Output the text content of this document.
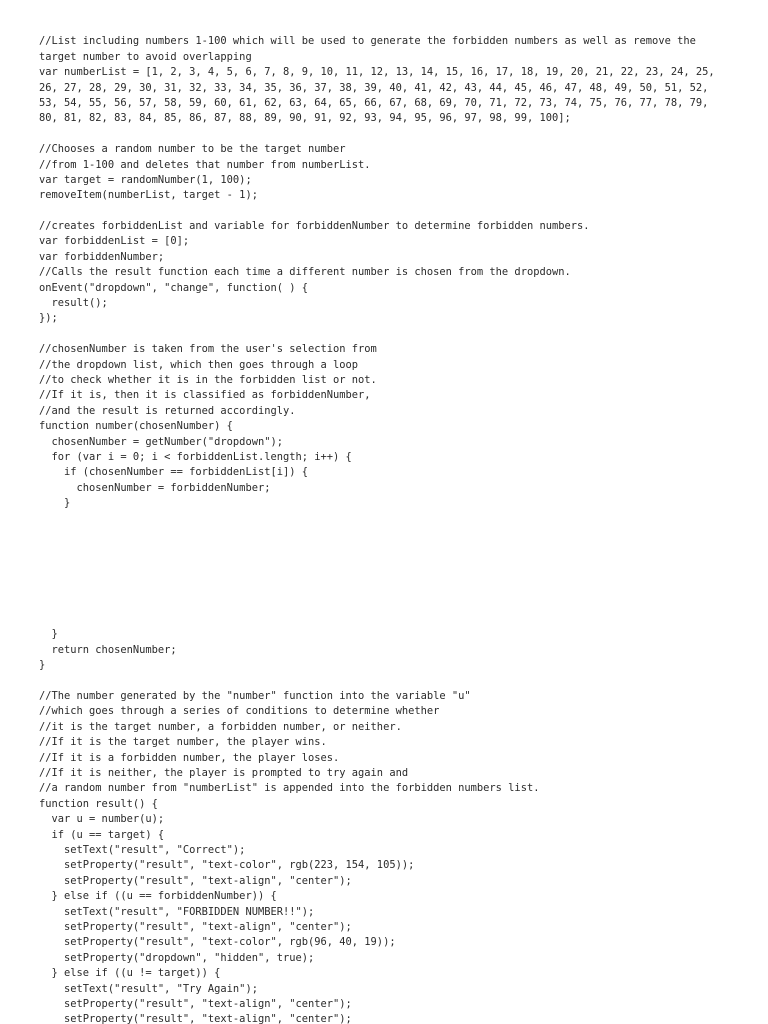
//List including numbers 1-100 which will be used to generate the forbidden numbers as well as remove the
target number to avoid overlapping
var numberList = [1, 2, 3, 4, 5, 6, 7, 8, 9, 10, 11, 12, 13, 14, 15, 16, 17, 18, 19, 20, 21, 22, 23, 24, 25,
26, 27, 28, 29, 30, 31, 32, 33, 34, 35, 36, 37, 38, 39, 40, 41, 42, 43, 44, 45, 46, 47, 48, 49, 50, 51, 52,
53, 54, 55, 56, 57, 58, 59, 60, 61, 62, 63, 64, 65, 66, 67, 68, 69, 70, 71, 72, 73, 74, 75, 76, 77, 78, 79,
80, 81, 82, 83, 84, 85, 86, 87, 88, 89, 90, 91, 92, 93, 94, 95, 96, 97, 98, 99, 100];
//Chooses a random number to be the target number
//from 1-100 and deletes that number from numberList.
var target = randomNumber(1, 100);
removeItem(numberList, target - 1);
//creates forbiddenList and variable for forbiddenNumber to determine forbidden numbers.
var forbiddenList = [0];
var forbiddenNumber;
//Calls the result function each time a different number is chosen from the dropdown.
onEvent("dropdown", "change", function( ) {
result();
});
//chosenNumber is taken from the user's selection from
//the dropdown list, which then goes through a loop
//to check whether it is in the forbidden list or not.
//If it is, then it is classified as forbiddenNumber,
//and the result is returned accordingly.
function number(chosenNumber) {
chosenNumber = getNumber("dropdown");
for (var i = 0; i < forbiddenList.length; i++) {
if (chosenNumber == forbiddenList[i]) {
chosenNumber = forbiddenNumber;
}
}
return chosenNumber;
}
//The number generated by the "number" function into the variable "u"
//which goes through a series of conditions to determine whether
//it is the target number, a forbidden number, or neither.
//If it is the target number, the player wins.
//If it is a forbidden number, the player loses.
//If it is neither, the player is prompted to try again and
//a random number from "numberList" is appended into the forbidden numbers list.
function result() {
var u = number(u);
if (u == target) {
setText("result", "Correct");
setProperty("result", "text-color", rgb(223, 154, 105));
setProperty("result", "text-align", "center");
} else if ((u == forbiddenNumber)) {
setText("result", "FORBIDDEN NUMBER!!");
setProperty("result", "text-align", "center");
setProperty("result", "text-color", rgb(96, 40, 19));
setProperty("dropdown", "hidden", true);
} else if ((u != target)) {
setText("result", "Try Again");
setProperty("result", "text-align", "center");
setProperty("result", "text-align", "center");
